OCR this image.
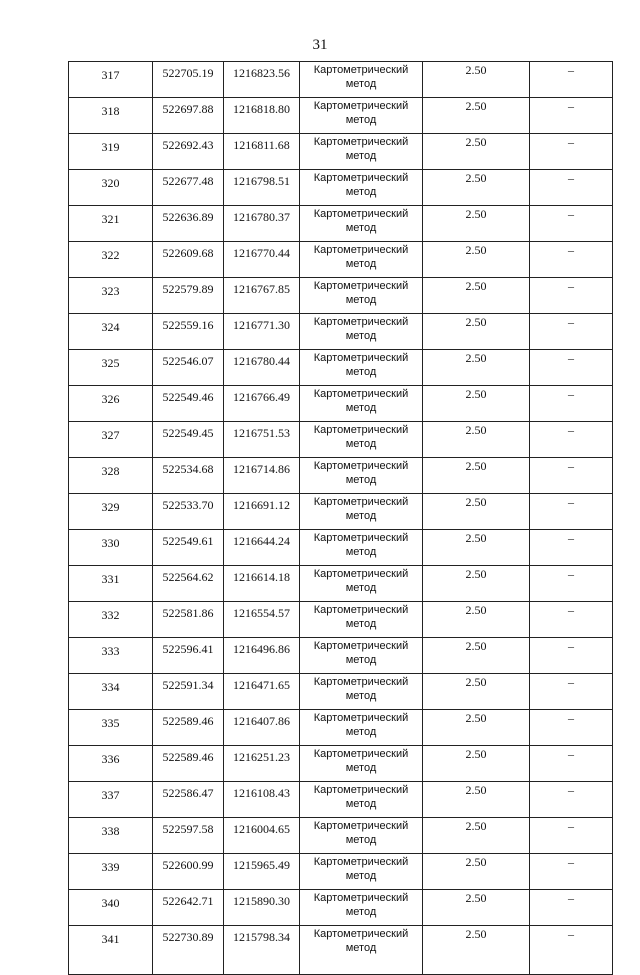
31
317	522705.19	1216823.56	Картометрический метод	2.50	–
318	522697.88	1216818.80	Картометрический метод	2.50	–
319	522692.43	1216811.68	Картометрический метод	2.50	–
320	522677.48	1216798.51	Картометрический метод	2.50	–
321	522636.89	1216780.37	Картометрический метод	2.50	–
322	522609.68	1216770.44	Картометрический метод	2.50	–
323	522579.89	1216767.85	Картометрический метод	2.50	–
324	522559.16	1216771.30	Картометрический метод	2.50	–
325	522546.07	1216780.44	Картометрический метод	2.50	–
326	522549.46	1216766.49	Картометрический метод	2.50	–
327	522549.45	1216751.53	Картометрический метод	2.50	–
328	522534.68	1216714.86	Картометрический метод	2.50	–
329	522533.70	1216691.12	Картометрический метод	2.50	–
330	522549.61	1216644.24	Картометрический метод	2.50	–
331	522564.62	1216614.18	Картометрический метод	2.50	–
332	522581.86	1216554.57	Картометрический метод	2.50	–
333	522596.41	1216496.86	Картометрический метод	2.50	–
334	522591.34	1216471.65	Картометрический метод	2.50	–
335	522589.46	1216407.86	Картометрический метод	2.50	–
336	522589.46	1216251.23	Картометрический метод	2.50	–
337	522586.47	1216108.43	Картометрический метод	2.50	–
338	522597.58	1216004.65	Картометрический метод	2.50	–
339	522600.99	1215965.49	Картометрический метод	2.50	–
340	522642.71	1215890.30	Картометрический метод	2.50	–
341	522730.89	1215798.34	Картометрический метод	2.50	–
